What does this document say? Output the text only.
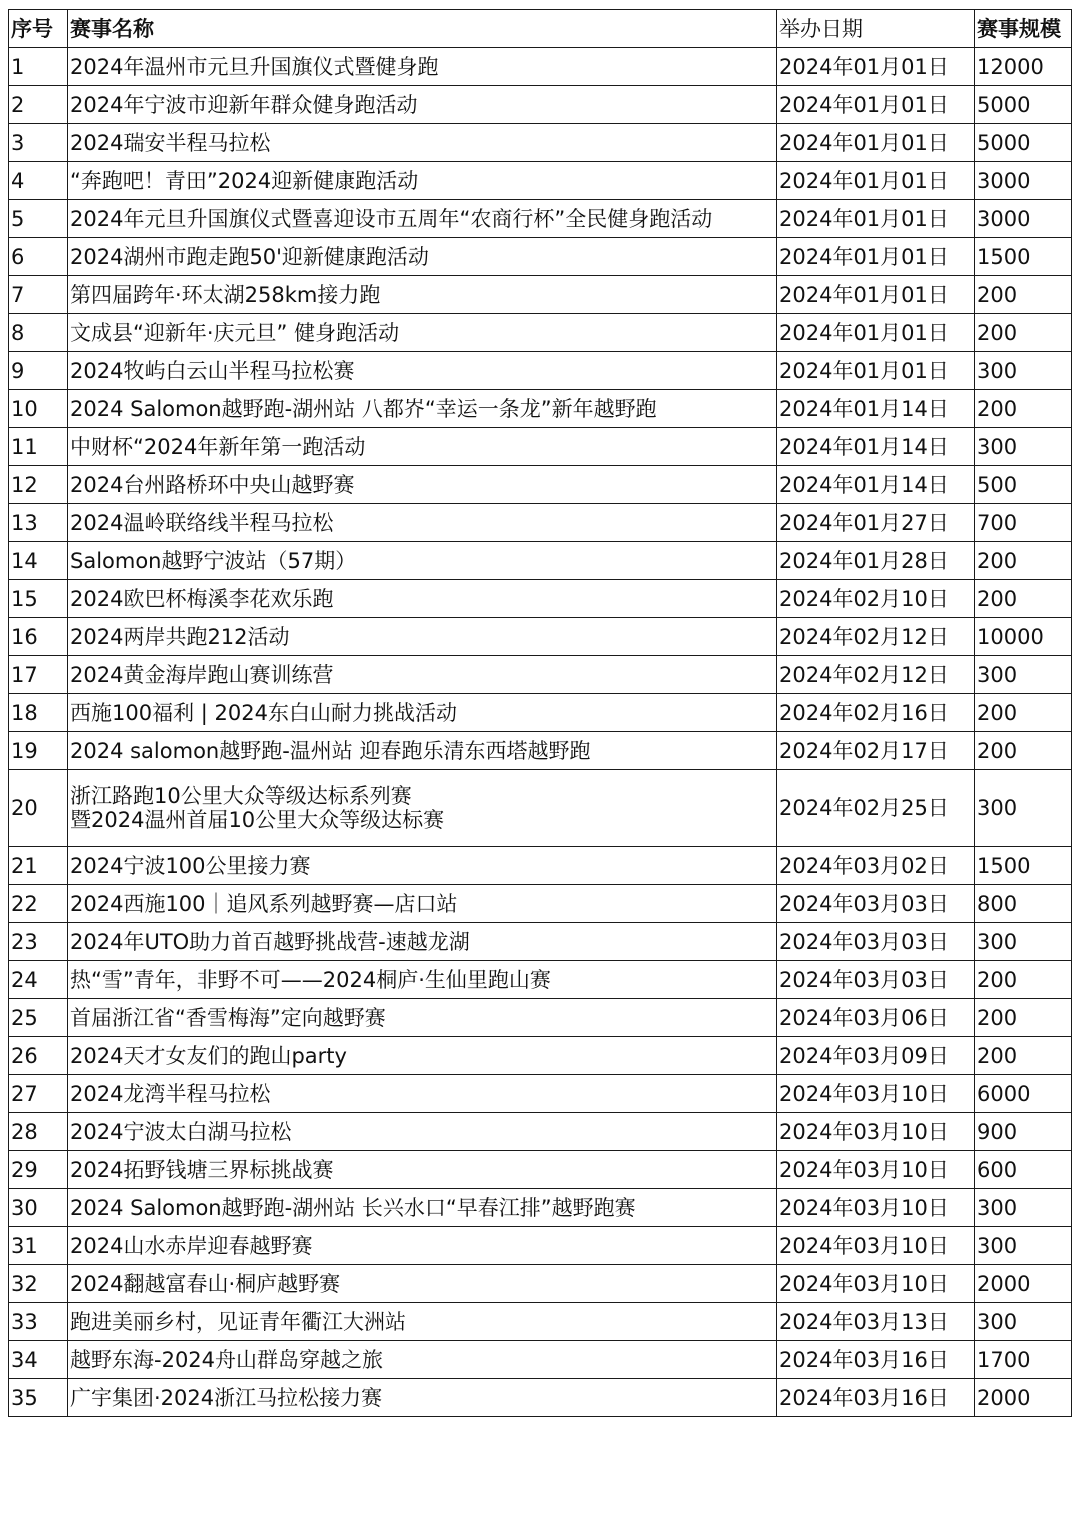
序号	赛事名称	举办日期	赛事规模
1	2024年温州市元旦升国旗仪式暨健身跑	2024年01月01日	12000
2	2024年宁波市迎新年群众健身跑活动	2024年01月01日	5000
3	2024瑞安半程马拉松	2024年01月01日	5000
4	“奔跑吧！青田”2024迎新健康跑活动	2024年01月01日	3000
5	2024年元旦升国旗仪式暨喜迎设市五周年“农商行杯”全民健身跑活动	2024年01月01日	3000
6	2024湖州市跑走跑50'迎新健康跑活动	2024年01月01日	1500
7	第四届跨年·环太湖258km接力跑	2024年01月01日	200
8	文成县“迎新年·庆元旦” 健身跑活动	2024年01月01日	200
9	2024牧屿白云山半程马拉松赛	2024年01月01日	300
10	2024 Salomon越野跑-湖州站 八都岕“幸运一条龙”新年越野跑	2024年01月14日	200
11	中财杯“2024年新年第一跑活动	2024年01月14日	300
12	2024台州路桥环中央山越野赛	2024年01月14日	500
13	2024温岭联络线半程马拉松	2024年01月27日	700
14	Salomon越野宁波站（57期）	2024年01月28日	200
15	2024欧巴杯梅溪李花欢乐跑	2024年02月10日	200
16	2024两岸共跑212活动	2024年02月12日	10000
17	2024黄金海岸跑山赛训练营	2024年02月12日	300
18	西施100福利 | 2024东白山耐力挑战活动	2024年02月16日	200
19	2024 salomon越野跑-温州站 迎春跑乐清东西塔越野跑	2024年02月17日	200
20	浙江路跑10公里大众等级达标系列赛
暨2024温州首届10公里大众等级达标赛	2024年02月25日	300
21	2024宁波100公里接力赛	2024年03月02日	1500
22	2024西施100｜追风系列越野赛—店口站	2024年03月03日	800
23	2024年UTO助力首百越野挑战营-速越龙湖	2024年03月03日	300
24	热“雪”青年，非野不可——2024桐庐·生仙里跑山赛	2024年03月03日	200
25	首届浙江省“香雪梅海”定向越野赛	2024年03月06日	200
26	2024天才女友们的跑山party	2024年03月09日	200
27	2024龙湾半程马拉松	2024年03月10日	6000
28	2024宁波太白湖马拉松	2024年03月10日	900
29	2024拓野钱塘三界标挑战赛	2024年03月10日	600
30	2024 Salomon越野跑-湖州站 长兴水口“早春江排”越野跑赛	2024年03月10日	300
31	2024山水赤岸迎春越野赛	2024年03月10日	300
32	2024翻越富春山·桐庐越野赛	2024年03月10日	2000
33	跑进美丽乡村，见证青年衢江大洲站	2024年03月13日	300
34	越野东海-2024舟山群岛穿越之旅	2024年03月16日	1700
35	广宇集团·2024浙江马拉松接力赛	2024年03月16日	2000
